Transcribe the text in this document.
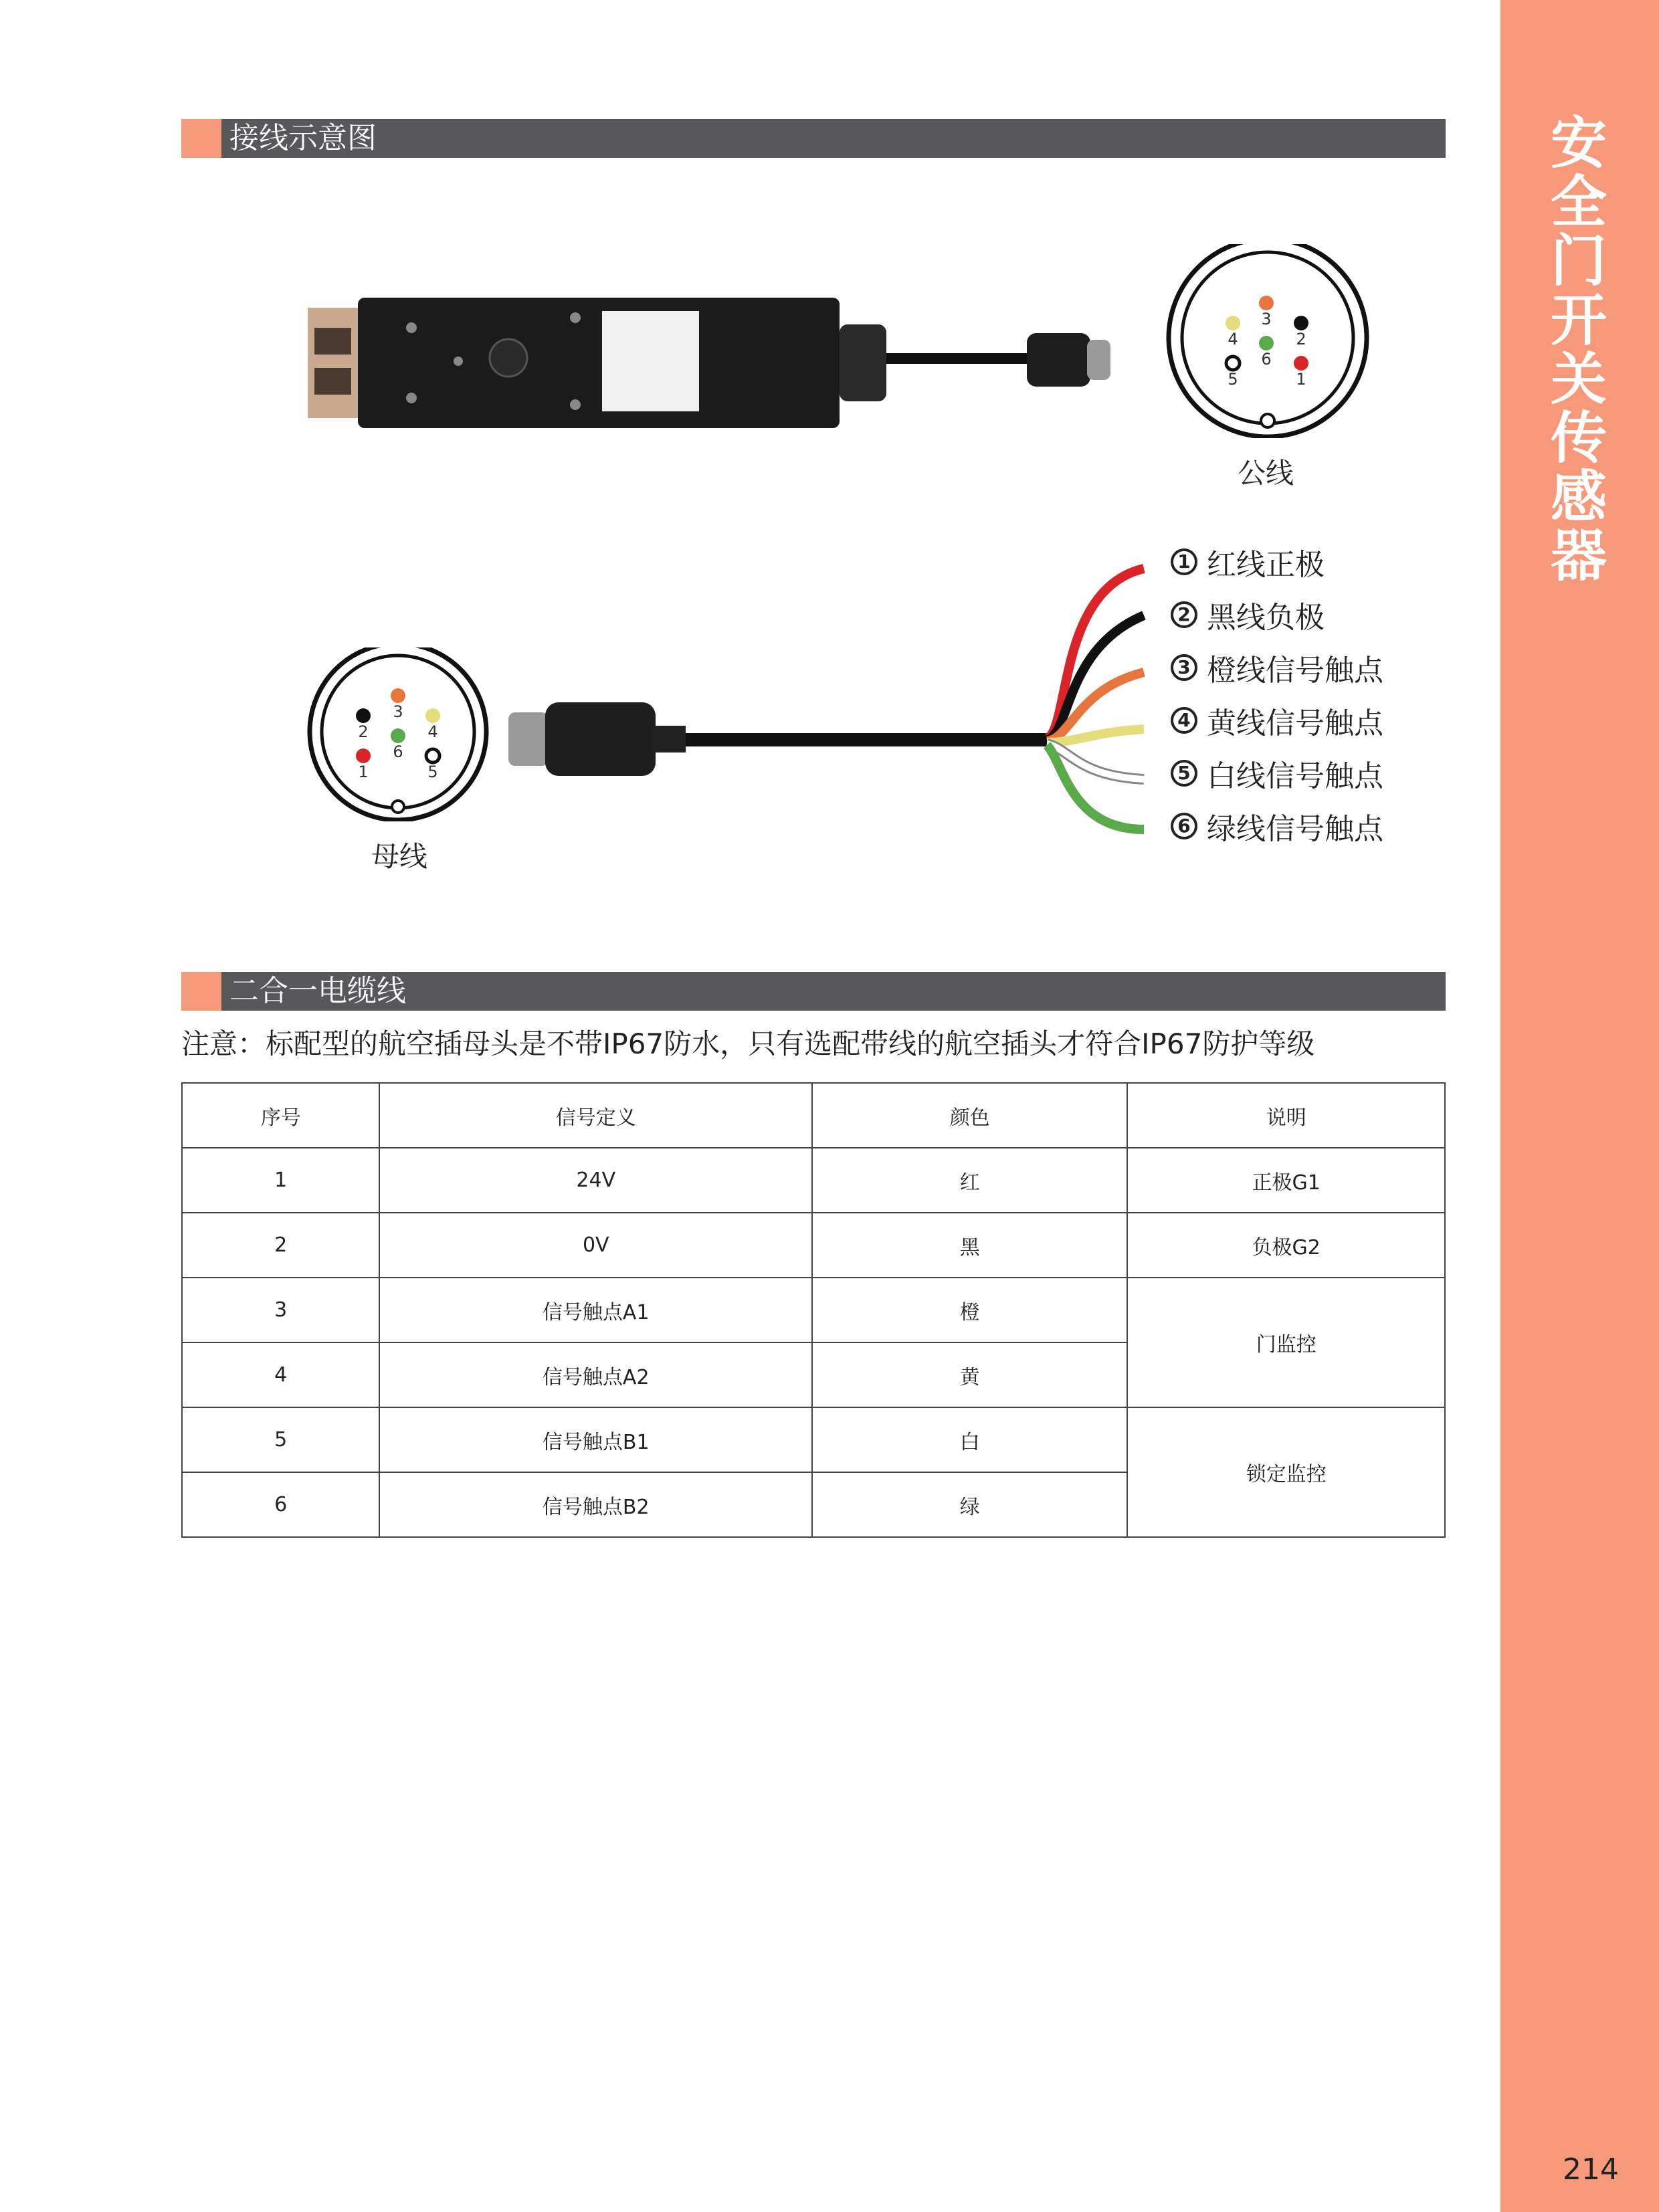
安
全
门
开
关
传
感
器
214
接线示意图
3
4
6
2
5	1
公线
3
2
6
4
1	5
母线
1 红线正极
2 黑线负极
3 橙线信号触点
4 黄线信号触点
5 白线信号触点
6 绿线信号触点
二合一电缆线
注意：标配型的航空插母头是不带IP67防水，只有选配带线的航空插头才符合IP67防护等级
序号	信号定义	颜色	说明
1	24V	红	正极G1
2	0V	黑	负极G2
3	信号触点A1	橙	门监控
4	信号触点A2	黄	
5	信号触点B1	白	锁定监控
6	信号触点B2	绿	
